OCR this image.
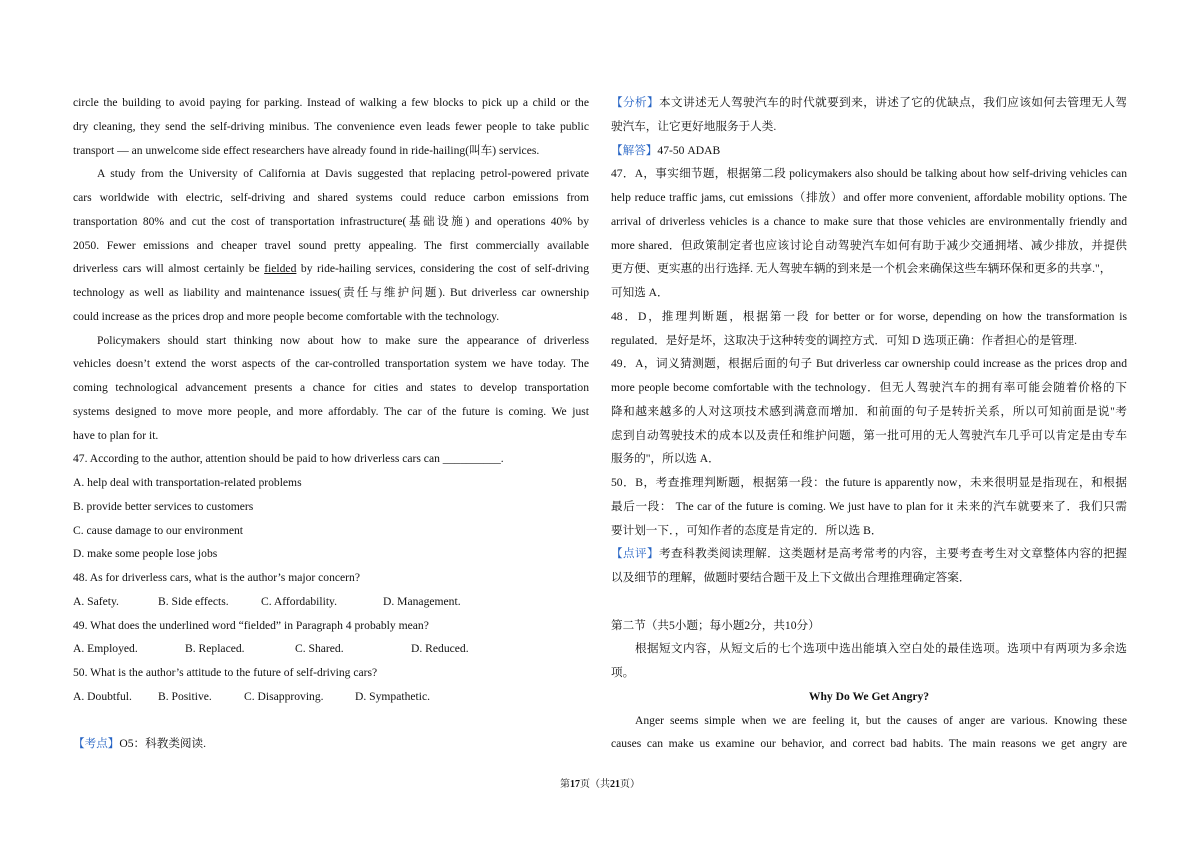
circle the building to avoid paying for parking. Instead of walking a few blocks to pick up a child or the
dry cleaning, they send the self-driving minibus. The convenience even leads fewer people to take public
transport — an unwelcome side effect researchers have already found in ride-hailing(叫车) services.
A study from the University of California at Davis suggested that replacing petrol-powered private
cars worldwide with electric, self-driving and shared systems could reduce carbon emissions from
transportation 80% and cut the cost of transportation infrastructure(基础设施) and operations 40% by
2050. Fewer emissions and cheaper travel sound pretty appealing. The first commercially available
driverless cars will almost certainly be fielded by ride-hailing services, considering the cost of self-driving
technology as well as liability and maintenance issues(责任与维护问题). But driverless car ownership
could increase as the prices drop and more people become comfortable with the technology.
Policymakers should start thinking now about how to make sure the appearance of driverless
vehicles doesn’t extend the worst aspects of the car-controlled transportation system we have today. The
coming technological advancement presents a chance for cities and states to develop transportation
systems designed to move more people, and more affordably. The car of the future is coming. We just
have to plan for it.
47. According to the author, attention should be paid to how driverless cars can __________.
A. help deal with transportation-related problems
B. provide better services to customers
C. cause damage to our environment
D. make some people lose jobs
48. As for driverless cars, what is the author’s major concern?
A. Safety.	B. Side effects.	C. Affordability.	D. Management.
49. What does the underlined word “fielded” in Paragraph 4 probably mean?
A. Employed.	B. Replaced.	C. Shared.	D. Reduced.
50. What is the author’s attitude to the future of self-driving cars?
A. Doubtful.	B. Positive.	C. Disapproving.	D. Sympathetic.
【考点】O5：科教类阅读.
【分析】本文讲述无人驾驶汽车的时代就要到来，讲述了它的优缺点，我们应该如何去管理无人驾
驶汽车，让它更好地服务于人类.
【解答】47-50 ADAB
47．A，事实细节题，根据第二段 policymakers also should be talking about how self-driving vehicles can
help reduce traffic jams, cut emissions（排放）and offer more convenient, affordable mobility options. The
arrival of driverless vehicles is a chance to make sure that those vehicles are environmentally friendly and
more shared．但政策制定者也应该讨论自动驾驶汽车如何有助于减少交通拥堵、减少排放，并提供
更方便、更实惠的出行选择. 无人驾驶车辆的到来是一个机会来确保这些车辆环保和更多的共享."，
可知选 A．
48．D，推理判断题，根据第一段 for better or for worse, depending on how the transformation is
regulated．是好是坏，这取决于这种转变的调控方式．可知 D 选项正确：作者担心的是管理.
49．A，词义猜测题，根据后面的句子 But driverless car ownership could increase as the prices drop and
more people become comfortable with the technology．但无人驾驶汽车的拥有率可能会随着价格的下
降和越来越多的人对这项技术感到满意而增加．和前面的句子是转折关系，所以可知前面是说"考
虑到自动驾驶技术的成本以及责任和维护问题，第一批可用的无人驾驶汽车几乎可以肯定是由专车
服务的"，所以选 A．
50．B，考查推理判断题，根据第一段：the future is apparently now，未来很明显是指现在，和根据
最后一段： The car of the future is coming. We just have to plan for it 未来的汽车就要来了．我们只需
要计划一下．，可知作者的态度是肯定的．所以选 B．
【点评】考查科教类阅读理解．这类题材是高考常考的内容，主要考查考生对文章整体内容的把握
以及细节的理解，做题时要结合题干及上下文做出合理推理确定答案．
第二节（共5小题；每小题2分，共10分）
根据短文内容，从短文后的七个选项中选出能填入空白处的最佳选项。选项中有两项为多余选
项。
Why Do We Get Angry?
Anger seems simple when we are feeling it, but the causes of anger are various. Knowing these
causes can make us examine our behavior, and correct bad habits. The main reasons we get angry are
第17页（共21页）
